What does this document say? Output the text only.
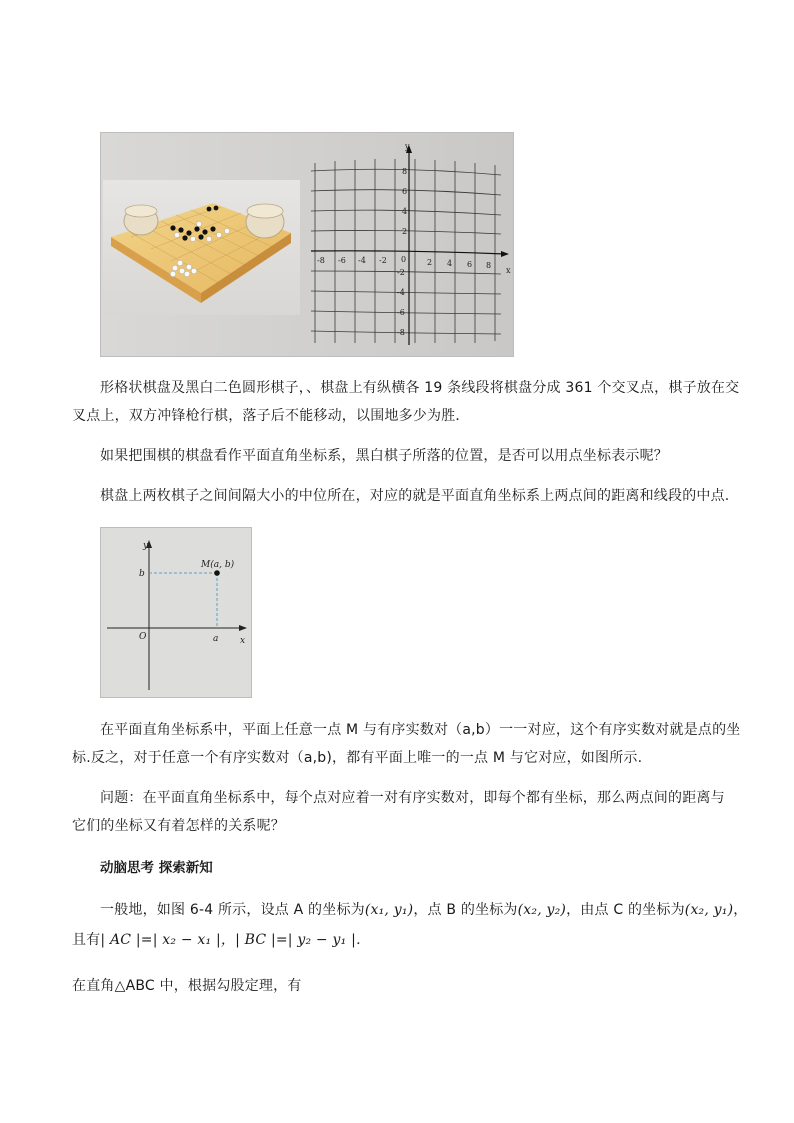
y
x
0
-8 -6 -4 -2	2 4 6 8
8
6
4
2
-2
-4
-6
-8
形格状棋盘及黑白二色圆形棋子，、棋盘上有纵横各 19 条线段将棋盘分成 361 个交叉点，棋子放在交
叉点上，双方冲锋枪行棋，落子后不能移动，以围地多少为胜．
如果把围棋的棋盘看作平面直角坐标系，黑白棋子所落的位置，是否可以用点坐标表示呢？
棋盘上两枚棋子之间间隔大小的中位所在，对应的就是平面直角坐标系上两点间的距离和线段的中点.
y
x
O
M(a, b)
b
a
在平面直角坐标系中，平面上任意一点 M 与有序实数对（a,b）一一对应，这个有序实数对就是点的坐
标.反之，对于任意一个有序实数对（a,b)，都有平面上唯一的一点 M 与它对应，如图所示.
问题：在平面直角坐标系中，每个点对应着一对有序实数对，即每个都有坐标，那么两点间的距离与
它们的坐标又有着怎样的关系呢？
动脑思考 探索新知
一般地，如图 6-4 所示，设点 A 的坐标为(x₁, y₁)，点 B 的坐标为(x₂, y₂)，由点 C 的坐标为(x₂, y₁)，
且有| AC |=| x₂ − x₁ |，| BC |=| y₂ − y₁ |．
在直角△ABC 中，根据勾股定理，有
